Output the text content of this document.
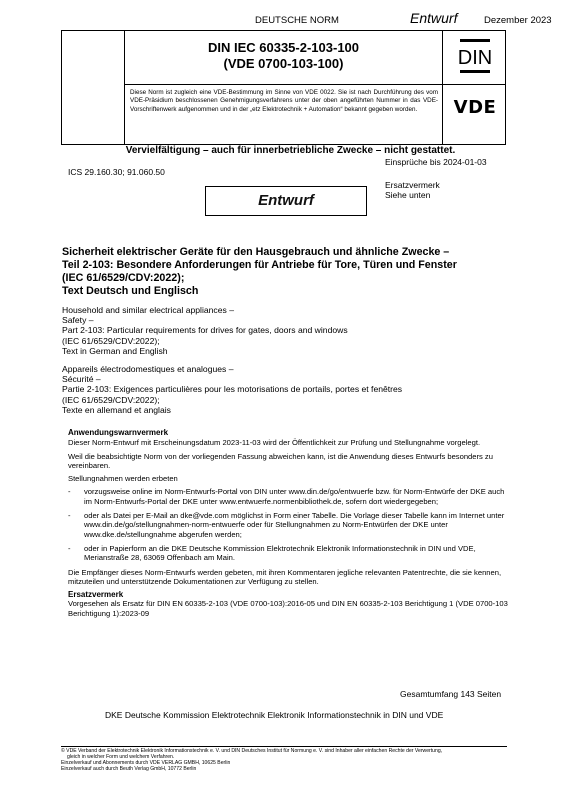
DEUTSCHE NORM	Entwurf	Dezember 2023
DIN IEC 60335-2-103-100
(VDE 0700-103-100)
Diese Norm ist zugleich eine VDE-Bestimmung im Sinne von VDE 0022. Sie ist nach Durchführung des vom VDE-Präsidium beschlossenen Genehmigungsverfahrens unter der oben angeführten Nummer in das VDE-Vorschriftenwerk aufgenommen und in der „etz Elektrotechnik + Automation“ bekannt gegeben worden.
DIN
VDE
Vervielfältigung – auch für innerbetriebliche Zwecke – nicht gestattet.
Einsprüche bis 2024-01-03
ICS 29.160.30; 91.060.50
Ersatzvermerk
Siehe unten
Entwurf
Sicherheit elektrischer Geräte für den Hausgebrauch und ähnliche Zwecke –
Teil 2-103: Besondere Anforderungen für Antriebe für Tore, Türen und Fenster
(IEC 61/6529/CDV:2022);
Text Deutsch und Englisch
Household and similar electrical appliances –
Safety –
Part 2-103: Particular requirements for drives for gates, doors and windows
(IEC 61/6529/CDV:2022);
Text in German and English
Appareils électrodomestiques et analogues –
Sécurité –
Partie 2-103: Exigences particulières pour les motorisations de portails, portes et fenêtres
(IEC 61/6529/CDV:2022);
Texte en allemand et anglais
Anwendungswarnvermerk

Dieser Norm-Entwurf mit Erscheinungsdatum 2023-11-03 wird der Öffentlichkeit zur Prüfung und Stellungnahme vorgelegt.

Weil die beabsichtigte Norm von der vorliegenden Fassung abweichen kann, ist die Anwendung dieses Entwurfs besonders zu vereinbaren.

Stellungnahmen werden erbeten

- vorzugsweise online im Norm-Entwurfs-Portal von DIN unter www.din.de/go/entwuerfe bzw. für Norm-Entwürfe der DKE auch im Norm-Entwurfs-Portal der DKE unter www.entwuerfe.normenbibliothek.de, sofern dort wiedergegeben;
- oder als Datei per E-Mail an dke@vde.com möglichst in Form einer Tabelle. Die Vorlage dieser Tabelle kann im Internet unter www.din.de/go/stellungnahmen-norm-entwuerfe oder für Stellungnahmen zu Norm-Entwürfen der DKE unter www.dke.de/stellungnahme abgerufen werden;
- oder in Papierform an die DKE Deutsche Kommission Elektrotechnik Elektronik Informationstechnik in DIN und VDE, Merianstraße 28, 63069 Offenbach am Main.

Die Empfänger dieses Norm-Entwurfs werden gebeten, mit ihren Kommentaren jegliche relevanten Patentrechte, die sie kennen, mitzuteilen und unterstützende Dokumentationen zur Verfügung zu stellen.

Ersatzvermerk

Vorgesehen als Ersatz für DIN EN 60335-2-103 (VDE 0700-103):2016-05 und DIN EN 60335-2-103 Berichtigung 1 (VDE 0700-103 Berichtigung 1):2023-09

Gesamtumfang 143 Seiten
DKE Deutsche Kommission Elektrotechnik Elektronik Informationstechnik in DIN und VDE
© VDE Verband der Elektrotechnik Elektronik Informationstechnik e. V. und DIN Deutsches Institut für Normung e. V. sind Inhaber aller einfachen Rechte der Verwertung,
gleich in welcher Form und welchem Verfahren.
Einzelverkauf und Abonnements durch VDE VERLAG GMBH, 10625 Berlin
Einzelverkauf auch durch Beuth Verlag GmbH, 10772 Berlin
